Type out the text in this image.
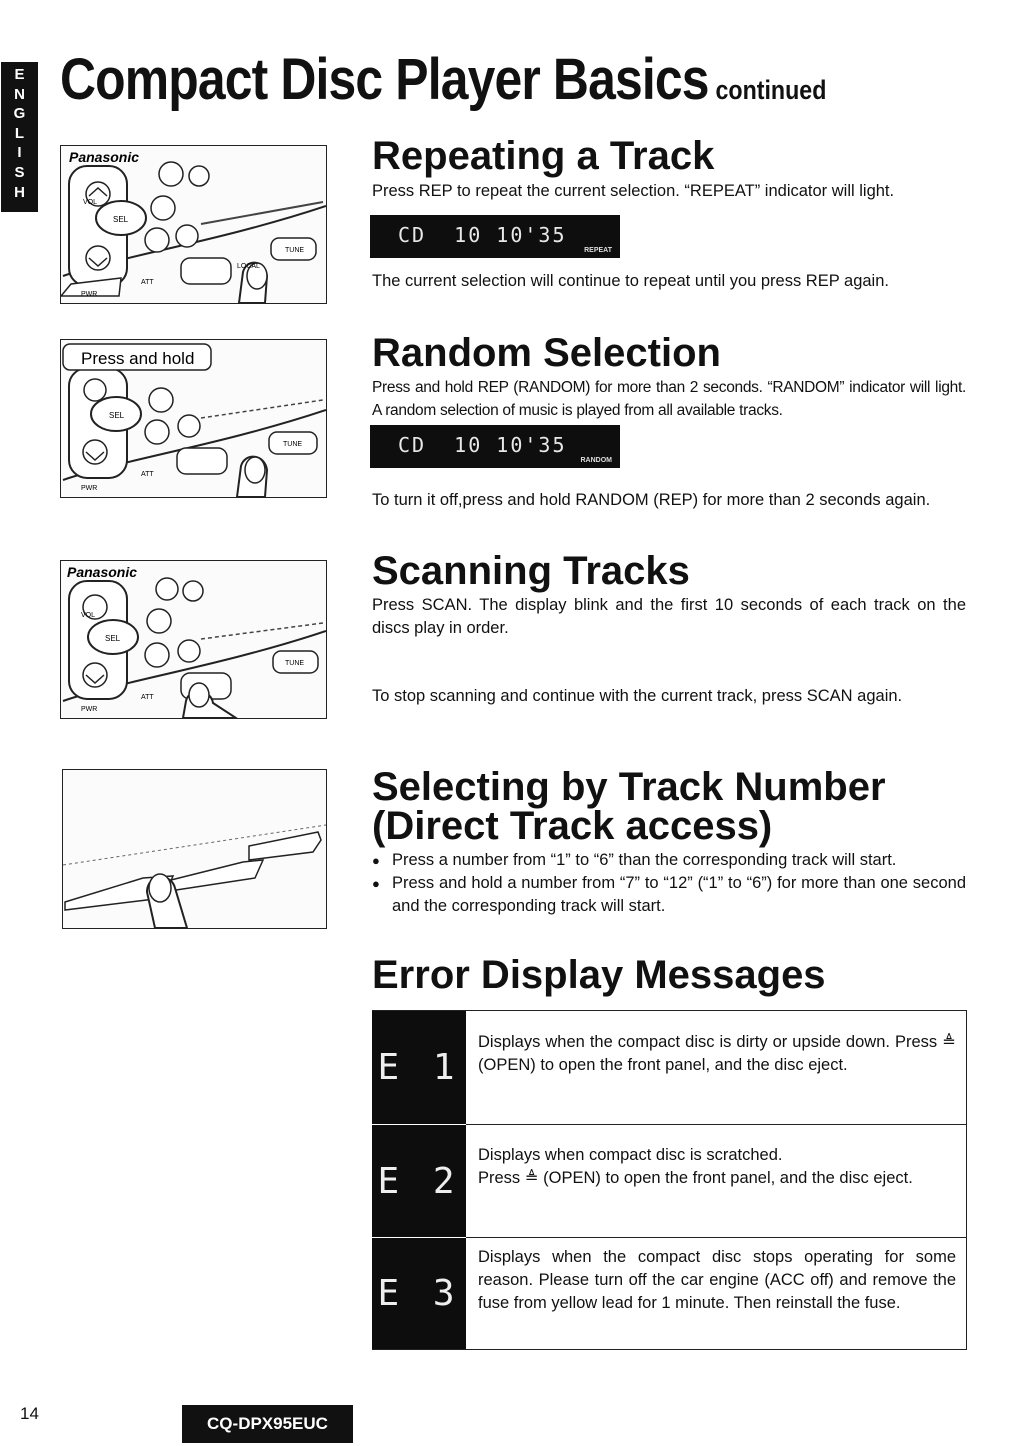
E
N
G
L
I
S
H
Compact Disc Player Basics continued
Panasonic
VOL
SEL
ATT
PWR
TUNE
LOCAL
Press and hold
SEL
ATT
PWR
TUNE
Panasonic
VOL
SEL
ATT
PWR
TUNE
Repeating a Track
Press REP to repeat the current selection. “REPEAT” indicator will light.
CD  10 10'35
REPEAT
The current selection will continue to repeat until you press REP again.
Random Selection
Press and hold REP (RANDOM) for more than 2 seconds. “RANDOM” indicator will light. A random selection of music is played from all available tracks.
CD  10 10'35
RANDOM
To turn it off,press and hold RANDOM (REP) for more than 2 seconds again.
Scanning Tracks
Press SCAN. The display blink and the first 10 seconds of each track on the discs play in order.
To stop scanning and continue with the current track, press SCAN again.
Selecting by Track Number
(Direct Track access)
● Press a number from “1” to “6” than the corresponding track will start.
● Press and hold a number from “7” to “12” (“1” to “6”) for more than one second and the corresponding track will start.
Error Display Messages
E 1
Displays when the compact disc is dirty or upside down. Press ≜ (OPEN) to open the front panel, and the disc eject.
E 2
Displays when compact disc is scratched.
Press ≜ (OPEN) to open the front panel, and the disc eject.
E 3
Displays when the compact disc stops operating for some reason. Please turn off the car engine (ACC off) and remove the fuse from yellow lead for 1 minute. Then reinstall the fuse.
14
CQ-DPX95EUC
